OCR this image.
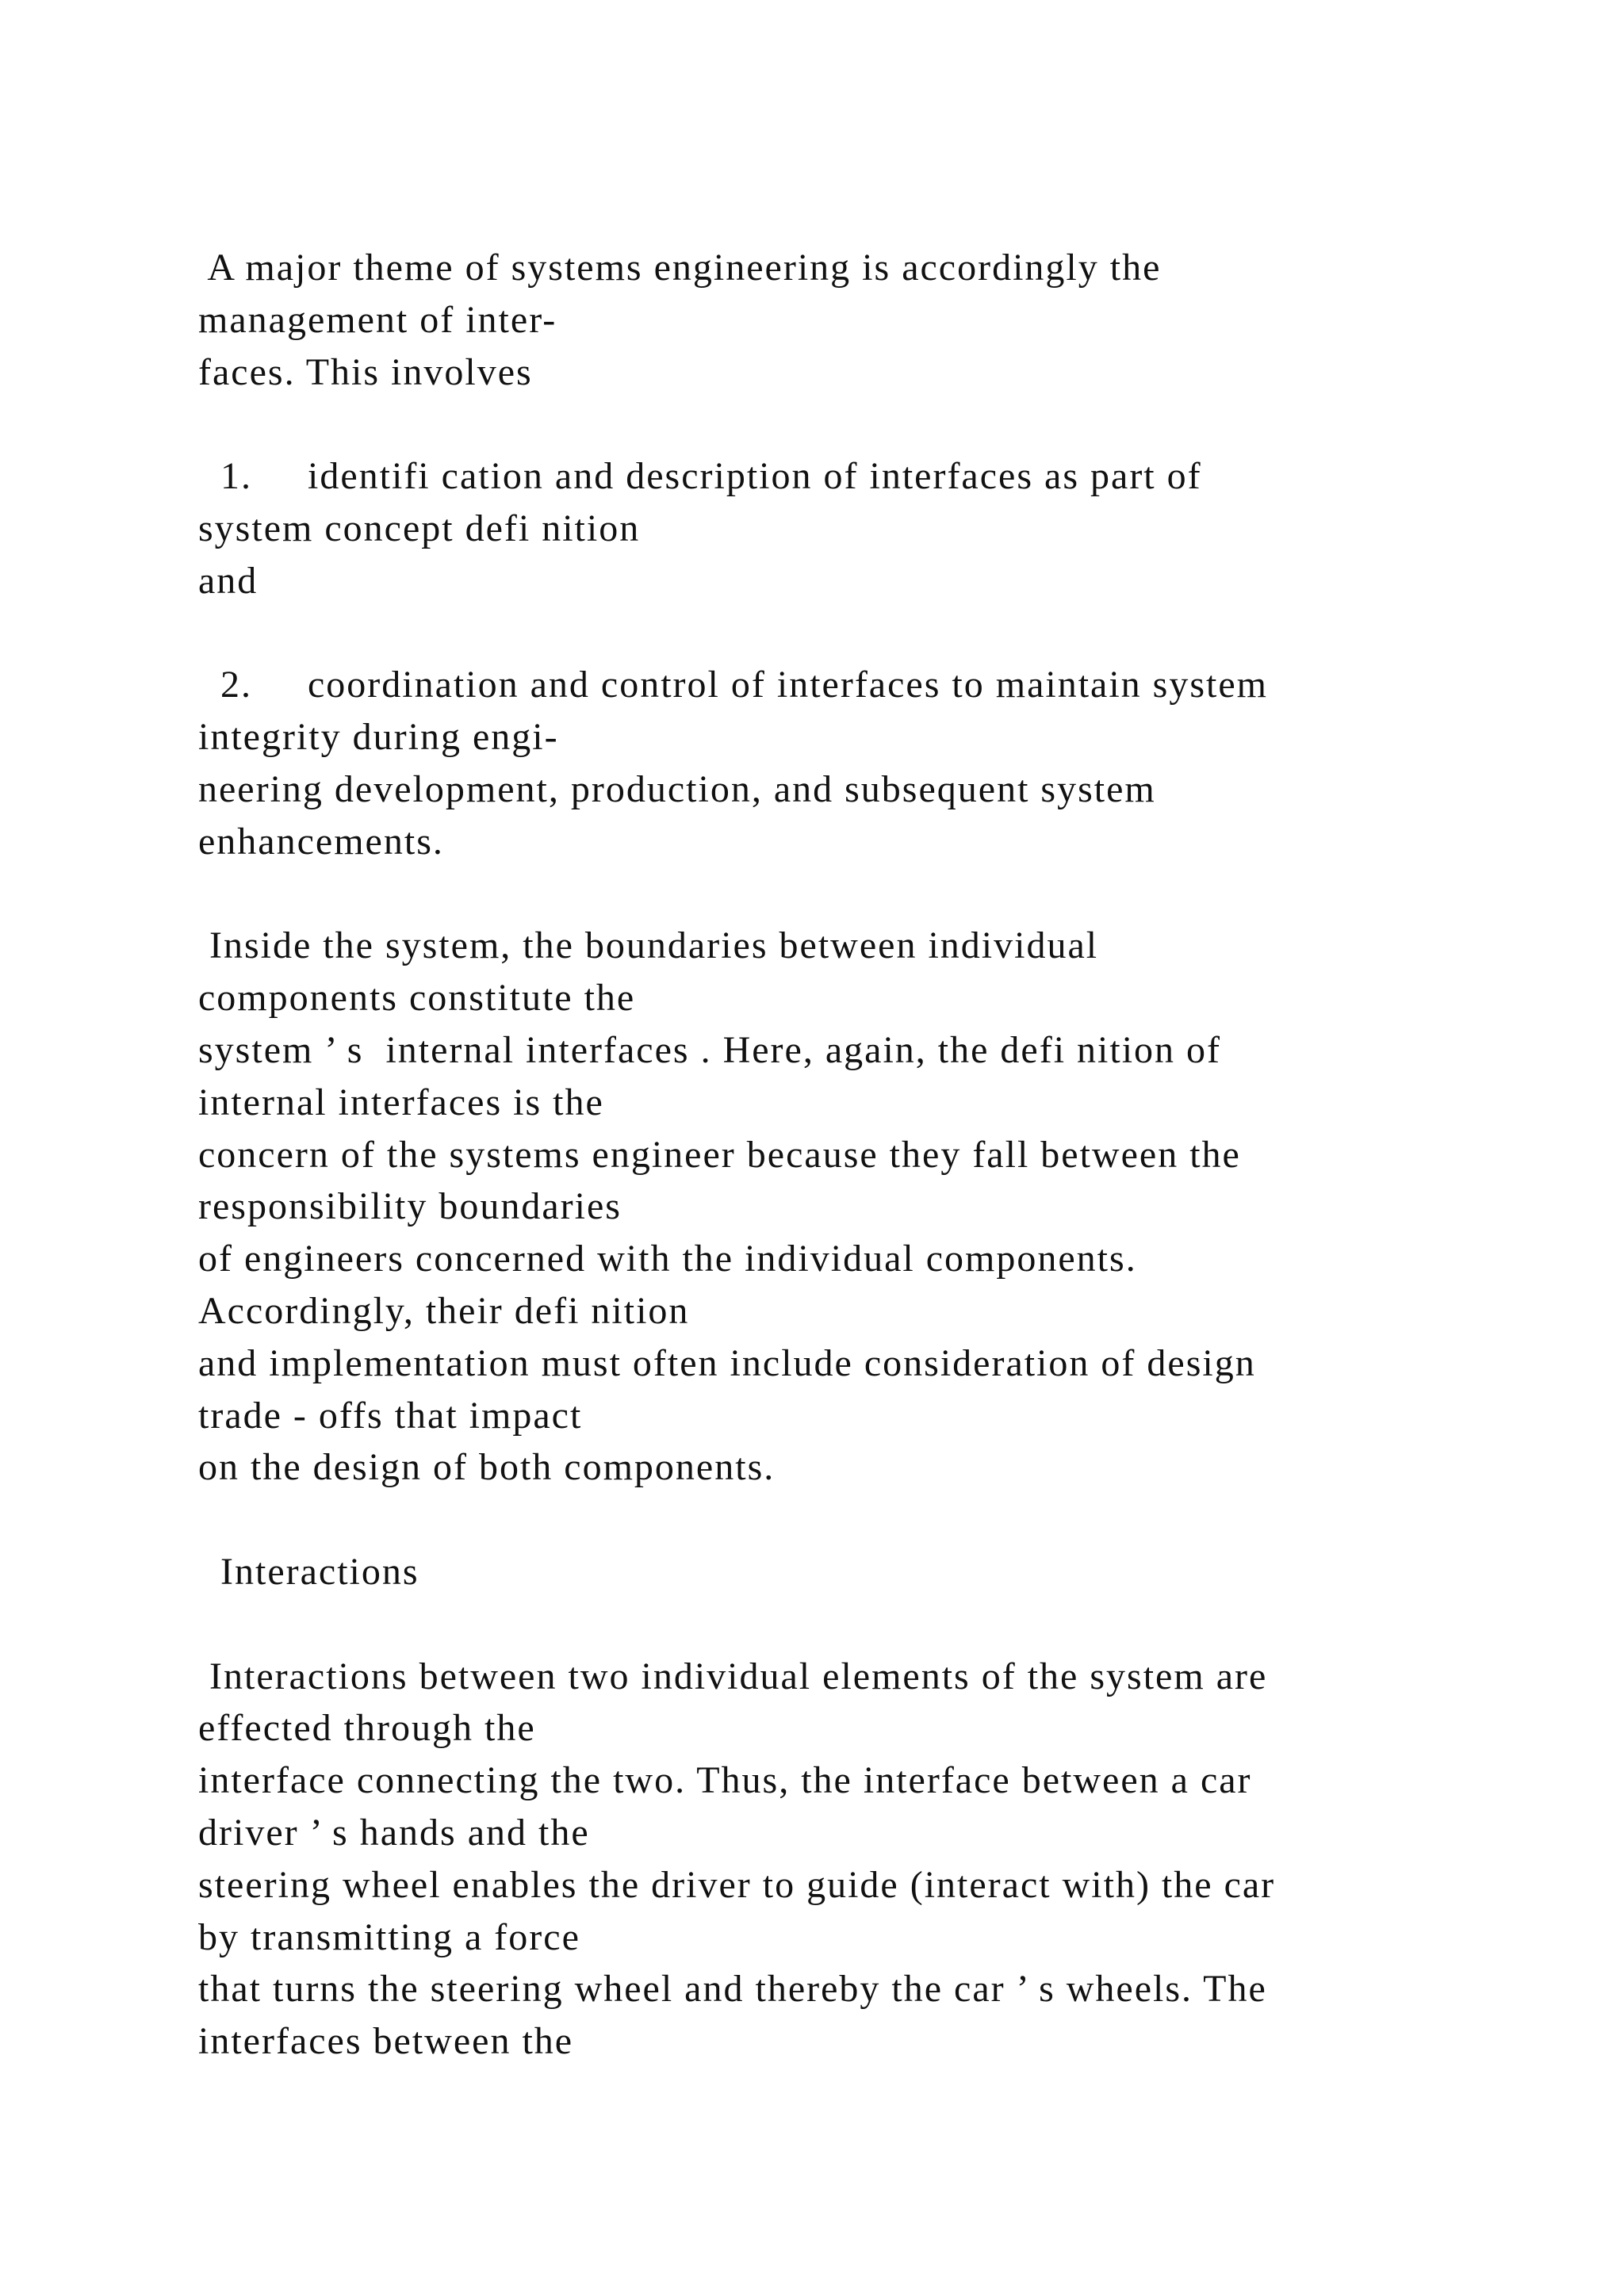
A major theme of systems engineering is accordingly the
management of inter-
faces. This involves
1.     identifi cation and description of interfaces as part of
system concept defi nition
and
2.     coordination and control of interfaces to maintain system
integrity during engi-
neering development, production, and subsequent system
enhancements.
Inside the system, the boundaries between individual
components constitute the
system ’ s  internal interfaces . Here, again, the defi nition of
internal interfaces is the
concern of the systems engineer because they fall between the
responsibility boundaries
of engineers concerned with the individual components.
Accordingly, their defi nition
and implementation must often include consideration of design
trade - offs that impact
on the design of both components.
Interactions
Interactions between two individual elements of the system are
effected through the
interface connecting the two. Thus, the interface between a car
driver ’ s hands and the
steering wheel enables the driver to guide (interact with) the car
by transmitting a force
that turns the steering wheel and thereby the car ’ s wheels. The
interfaces between the
